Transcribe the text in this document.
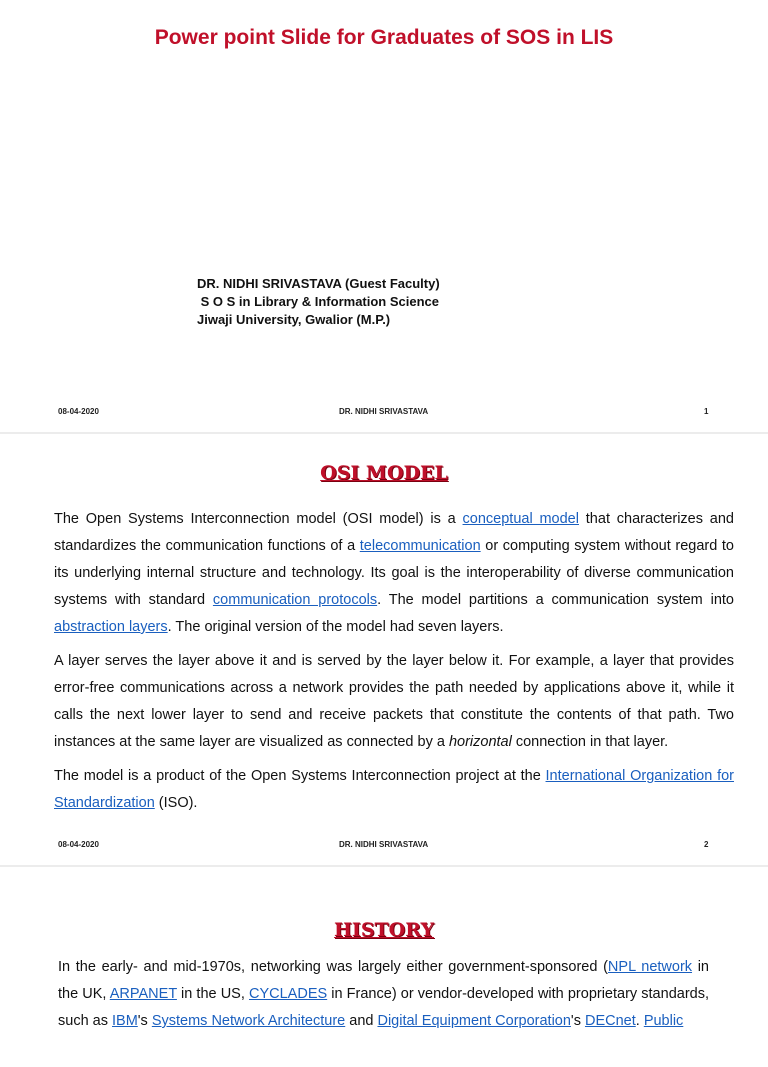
Power point Slide for Graduates of SOS in LIS
DR. NIDHI SRIVASTAVA (Guest Faculty)
S O S in Library & Information Science
Jiwaji University, Gwalior (M.P.)
08-04-2020	DR. NIDHI SRIVASTAVA	1
OSI MODEL

The Open Systems Interconnection model (OSI model) is a conceptual model that characterizes and standardizes the communication functions of a telecommunication or computing system without regard to its underlying internal structure and technology. Its goal is the interoperability of diverse communication systems with standard communication protocols. The model partitions a communication system into abstraction layers. The original version of the model had seven layers.

A layer serves the layer above it and is served by the layer below it. For example, a layer that provides error-free communications across a network provides the path needed by applications above it, while it calls the next lower layer to send and receive packets that constitute the contents of that path. Two instances at the same layer are visualized as connected by a horizontal connection in that layer.

The model is a product of the Open Systems Interconnection project at the International Organization for Standardization (ISO).

08-04-2020	DR. NIDHI SRIVASTAVA	2
HISTORY

In the early- and mid-1970s, networking was largely either government-sponsored (NPL network in the UK, ARPANET in the US, CYCLADES in France) or vendor-developed with proprietary standards, such as IBM's Systems Network Architecture and Digital Equipment Corporation's DECnet. Public
